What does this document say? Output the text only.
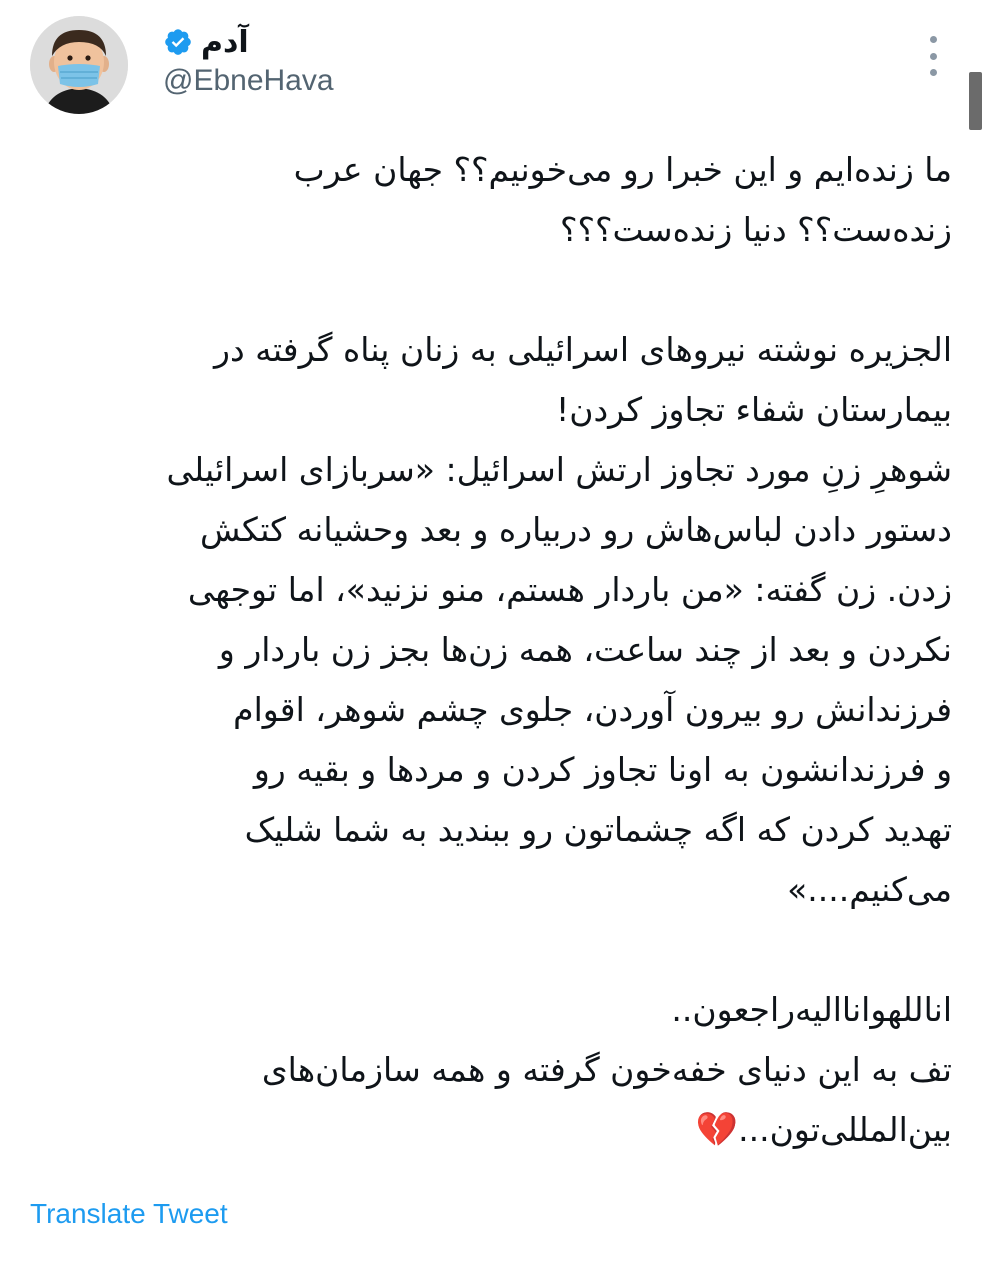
آدم
@EbneHava
ما زنده‌ایم و این خبرا رو می‌خونیم؟؟ جهان عرب
زنده‌ست؟؟ دنیا زنده‌ست؟؟؟
الجزیره نوشته نیروهای اسرائیلی به زنان پناه گرفته در
بیمارستان شفاء تجاوز کردن!
شوهرِ زنِ مورد تجاوز ارتش اسرائیل: «سربازای اسرائیلی
دستور دادن لباس‌هاش رو دربیاره و بعد وحشیانه کتکش
زدن. زن گفته: «من باردار هستم، منو نزنید»، اما توجهی
نکردن و بعد از چند ساعت، همه زن‌ها بجز زن باردار و
فرزندانش رو بیرون آوردن، جلوی چشم شوهر، اقوام
و فرزندانشون به اونا تجاوز کردن و مردها و بقیه رو
تهدید کردن که اگه چشماتون رو ببندید به شما شلیک
می‌کنیم....»
اناللهوانااليه‌راجعون..
تف به این دنیای خفه‌خون گرفته و همه سازمان‌های
بین‌المللی‌تون...💔
Translate Tweet
